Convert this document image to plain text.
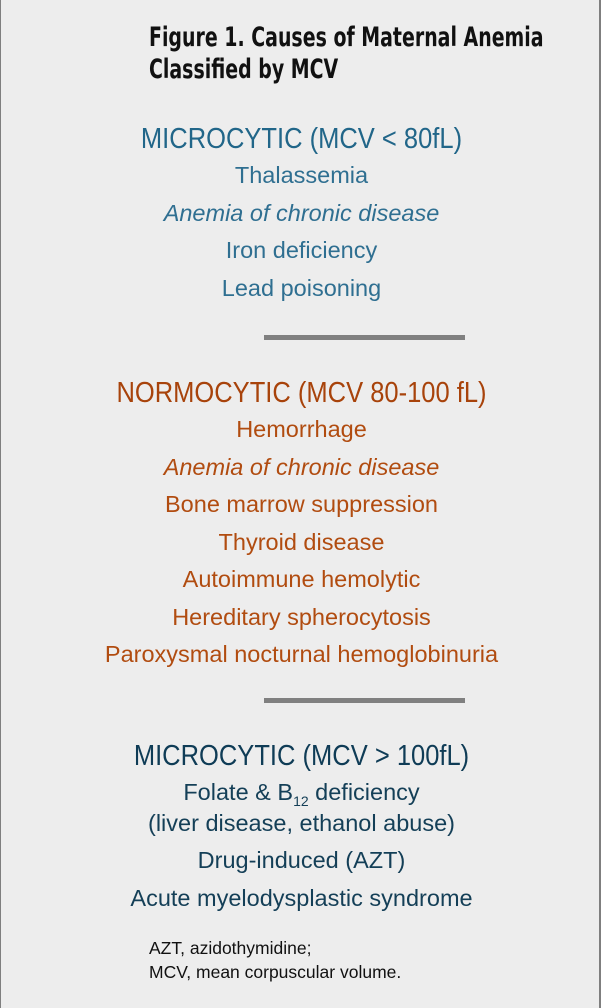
Figure 1. Causes of Maternal Anemia
Classified by MCV
MICROCYTIC (MCV < 80fL)
Thalassemia
Anemia of chronic disease
Iron deficiency
Lead poisoning
NORMOCYTIC (MCV 80-100 fL)
Hemorrhage
Anemia of chronic disease
Bone marrow suppression
Thyroid disease
Autoimmune hemolytic
Hereditary spherocytosis
Paroxysmal nocturnal hemoglobinuria
MICROCYTIC (MCV > 100fL)
Folate & $B_{12}$ deficiency
(liver disease, ethanol abuse)
Drug-induced (AZT)
Acute myelodysplastic syndrome
AZT, azidothymidine;
MCV, mean corpuscular volume.
